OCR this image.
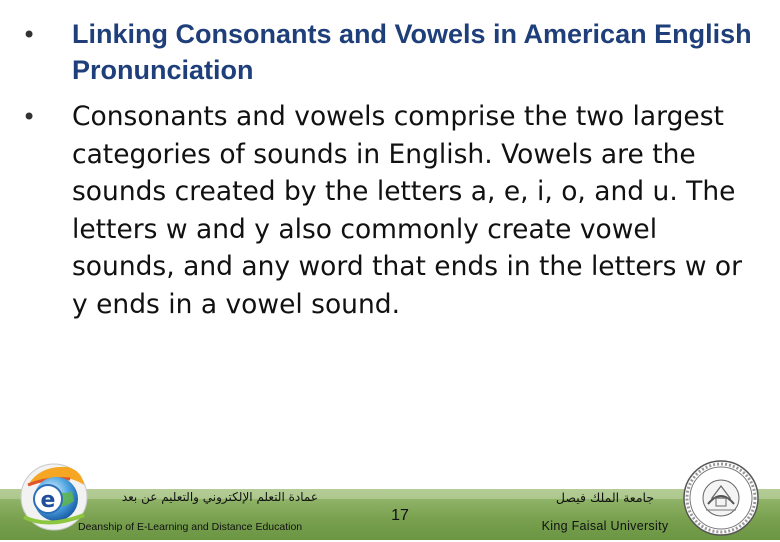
• Linking Consonants and Vowels in American English Pronunciation
• Consonants and vowels comprise the two largest categories of sounds in English. Vowels are the sounds created by the letters a, e, i, o, and u. The letters w and y also commonly create vowel sounds, and any word that ends in the letters w or y ends in a vowel sound.
عمادة التعلم الإلكتروني والتعليم عن بعد
Deanship of E-Learning and Distance Education
17
جامعة الملك فيصل
King Faisal University
e
